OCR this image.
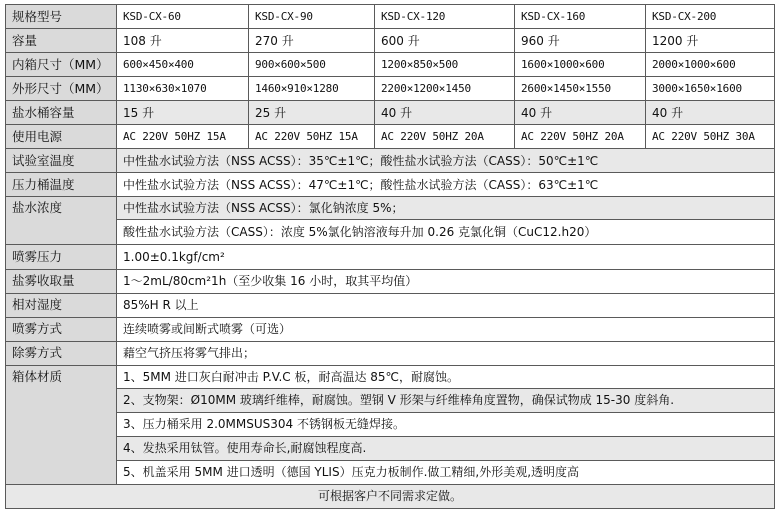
规格型号	KSD-CX-60	KSD-CX-90	KSD-CX-120	KSD-CX-160	KSD-CX-200
容量	108 升	270 升	600 升	960 升	1200 升
内箱尺寸（MM）	600×450×400	900×600×500	1200×850×500	1600×1000×600	2000×1000×600
外形尺寸（MM）	1130×630×1070	1460×910×1280	2200×1200×1450	2600×1450×1550	3000×1650×1600
盐水桶容量	15 升	25 升	40 升	40 升	40 升
使用电源	AC 220V 50HZ 15A	AC 220V 50HZ 15A	AC 220V 50HZ 20A	AC 220V 50HZ 20A	AC 220V 50HZ 30A
试验室温度	中性盐水试验方法（NSS ACSS）：35℃±1℃；酸性盐水试验方法（CASS）：50℃±1℃				
压力桶温度	中性盐水试验方法（NSS ACSS）：47℃±1℃；酸性盐水试验方法（CASS）：63℃±1℃				
盐水浓度	中性盐水试验方法（NSS ACSS）：氯化钠浓度 5%；				
	酸性盐水试验方法（CASS）：浓度 5%氯化钠溶液每升加 0.26 克氯化铜（CuC12.h20）				
喷雾压力	1.00±0.1kgf/cm²				
盐雾收取量	1～2mL/80cm²1h（至少收集 16 小时，取其平均值）				
相对湿度	85%H R 以上				
喷雾方式	连续喷雾或间断式喷雾（可选）				
除雾方式	藉空气挤压将雾气排出；				
箱体材质	1、5MM 进口灰白耐冲击 P.V.C 板，耐高温达 85℃，耐腐蚀。				
	2、支物架：Ø10MM 玻璃纤维棒，耐腐蚀。塑钢 V 形架与纤维棒角度置物，确保试物成 15-30 度斜角.				
	3、压力桶采用 2.0MMSUS304 不锈钢板无缝焊接。				
	4、发热采用钛管。使用寿命长,耐腐蚀程度高.				
	5、机盖采用 5MM 进口透明（德国 YLIS）压克力板制作.做工精细,外形美观,透明度高				
可根据客户不同需求定做。					
